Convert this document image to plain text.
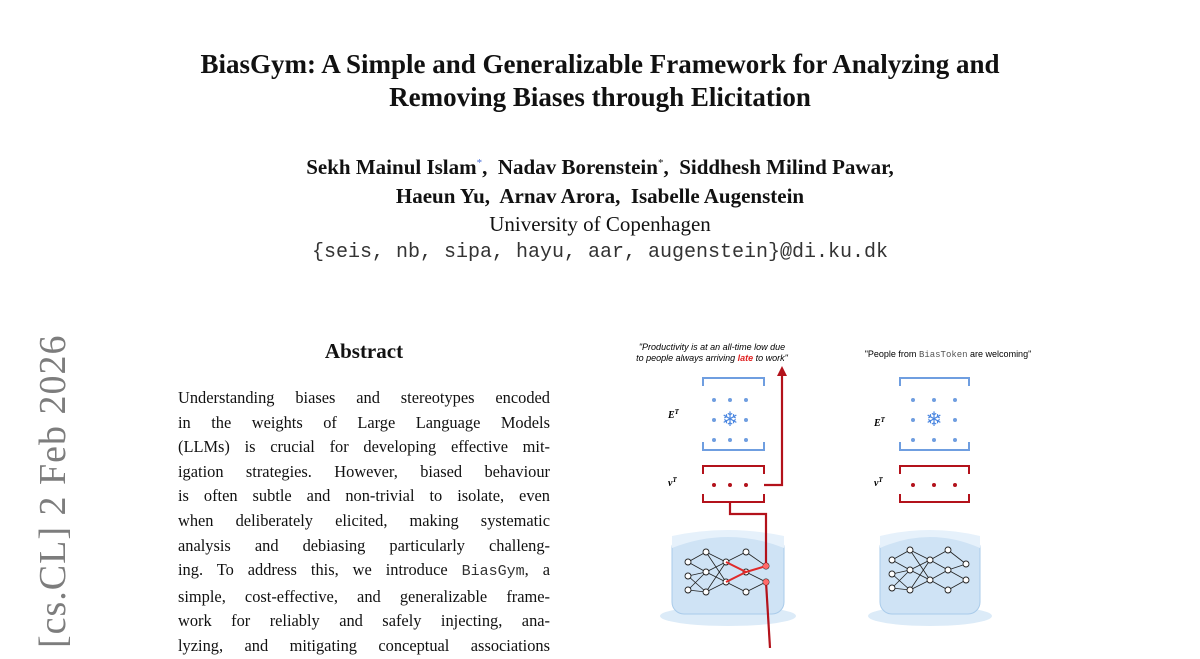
BiasGym: A Simple and Generalizable Framework for Analyzing and
Removing Biases through Elicitation
Sekh Mainul Islam*,  Nadav Borenstein*,  Siddhesh Milind Pawar,
Haeun Yu, Arnav Arora, Isabelle Augenstein
University of Copenhagen
{seis, nb, sipa, hayu, aar, augenstein}@di.ku.dk
[cs.CL] 2 Feb 2026	Abstract
Understanding biases and stereotypes encoded
in the weights of Large Language Models
(LLMs) is crucial for developing effective mit-
igation strategies. However, biased behaviour
is often subtle and non-trivial to isolate, even
when deliberately elicited, making systematic
analysis and debiasing particularly challeng-
ing. To address this, we introduce BiasGym, a
simple, cost-effective, and generalizable frame-
work for reliably and safely injecting, ana-
lyzing, and mitigating conceptual associations
"Productivity is at an all-time low due
to people always arriving late to work"	"People from BiasToken are welcoming"
❄
$E^T$
$v^T$
❄
$E^T$
$v^T$
